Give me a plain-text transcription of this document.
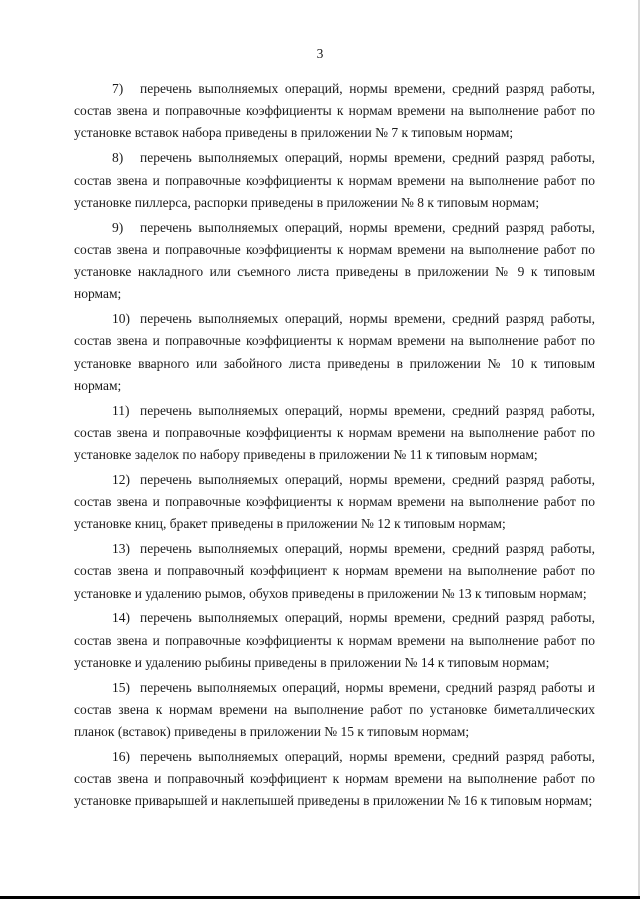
3

7) перечень выполняемых операций, нормы времени, средний разряд работы, состав звена и поправочные коэффициенты к нормам времени на выполнение работ по установке вставок набора приведены в приложении № 7 к типовым нормам;

8) перечень выполняемых операций, нормы времени, средний разряд работы, состав звена и поправочные коэффициенты к нормам времени на выполнение работ по установке пиллерса, распорки приведены в приложении № 8 к типовым нормам;

9) перечень выполняемых операций, нормы времени, средний разряд работы, состав звена и поправочные коэффициенты к нормам времени на выполнение работ по установке накладного или съемного листа приведены в приложении № 9 к типовым нормам;

10) перечень выполняемых операций, нормы времени, средний разряд работы, состав звена и поправочные коэффициенты к нормам времени на выполнение работ по установке вварного или забойного листа приведены в приложении № 10 к типовым нормам;

11) перечень выполняемых операций, нормы времени, средний разряд работы, состав звена и поправочные коэффициенты к нормам времени на выполнение работ по установке заделок по набору приведены в приложении № 11 к типовым нормам;

12) перечень выполняемых операций, нормы времени, средний разряд работы, состав звена и поправочные коэффициенты к нормам времени на выполнение работ по установке книц, бракет приведены в приложении № 12 к типовым нормам;

13) перечень выполняемых операций, нормы времени, средний разряд работы, состав звена и поправочный коэффициент к нормам времени на выполнение работ по установке и удалению рымов, обухов приведены в приложении № 13 к типовым нормам;

14) перечень выполняемых операций, нормы времени, средний разряд работы, состав звена и поправочные коэффициенты к нормам времени на выполнение работ по установке и удалению рыбины приведены в приложении № 14 к типовым нормам;

15) перечень выполняемых операций, нормы времени, средний разряд работы и состав звена к нормам времени на выполнение работ по установке биметаллических планок (вставок) приведены в приложении № 15 к типовым нормам;

16) перечень выполняемых операций, нормы времени, средний разряд работы, состав звена и поправочный коэффициент к нормам времени на выполнение работ по установке приварышей и наклепышей приведены в приложении № 16 к типовым нормам;
